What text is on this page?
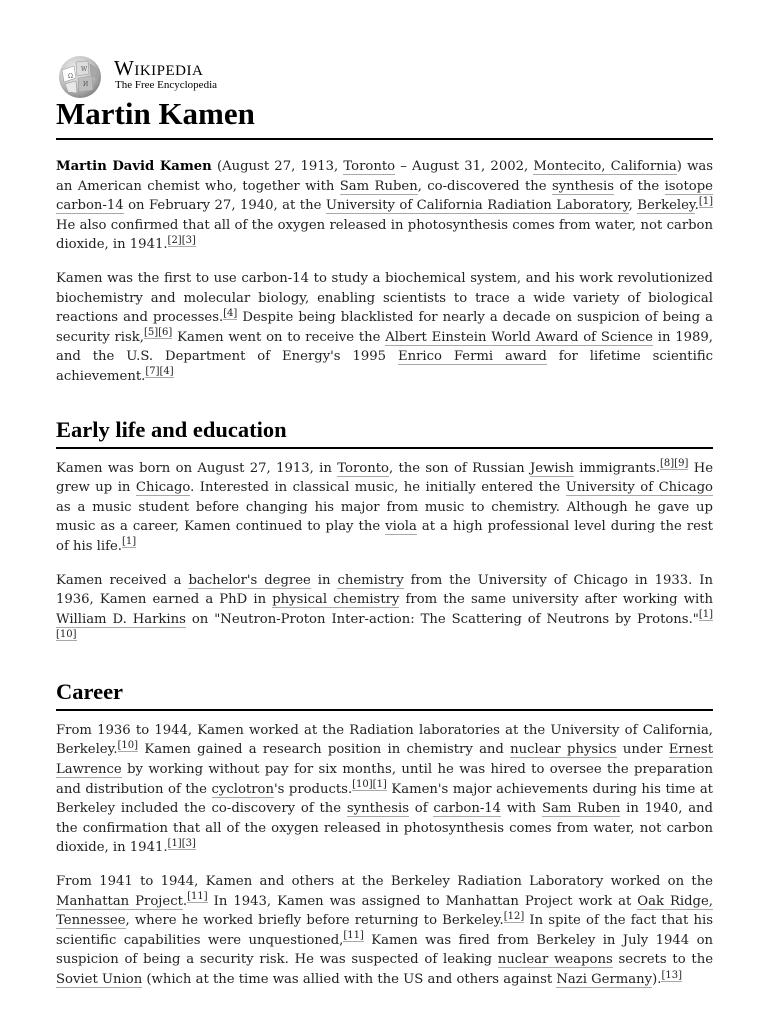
Ω
W
И
Wikipedia
The Free Encyclopedia
Martin Kamen

Martin David Kamen (August 27, 1913, Toronto – August 31, 2002, Montecito, California) was an American chemist who, together with Sam Ruben, co-discovered the synthesis of the isotope carbon-14 on February 27, 1940, at the University of California Radiation Laboratory, Berkeley.[1] He also confirmed that all of the oxygen released in photosynthesis comes from water, not carbon dioxide, in 1941.[2][3]

Kamen was the first to use carbon-14 to study a biochemical system, and his work revolutionized biochemistry and molecular biology, enabling scientists to trace a wide variety of biological reactions and processes.[4] Despite being blacklisted for nearly a decade on suspicion of being a security risk,[5][6] Kamen went on to receive the Albert Einstein World Award of Science in 1989, and the U.S. Department of Energy's 1995 Enrico Fermi award for lifetime scientific achievement.[7][4]

Early life and education

Kamen was born on August 27, 1913, in Toronto, the son of Russian Jewish immigrants.[8][9] He grew up in Chicago. Interested in classical music, he initially entered the University of Chicago as a music student before changing his major from music to chemistry. Although he gave up music as a career, Kamen continued to play the viola at a high professional level during the rest of his life.[1]

Kamen received a bachelor's degree in chemistry from the University of Chicago in 1933. In 1936, Kamen earned a PhD in physical chemistry from the same university after working with William D. Harkins on "Neutron-Proton Inter-action: The Scattering of Neutrons by Protons."[1][10]

Career

From 1936 to 1944, Kamen worked at the Radiation laboratories at the University of California, Berkeley.[10] Kamen gained a research position in chemistry and nuclear physics under Ernest Lawrence by working without pay for six months, until he was hired to oversee the preparation and distribution of the cyclotron's products.[10][1] Kamen's major achievements during his time at Berkeley included the co-discovery of the synthesis of carbon-14 with Sam Ruben in 1940, and the confirmation that all of the oxygen released in photosynthesis comes from water, not carbon dioxide, in 1941.[1][3]

From 1941 to 1944, Kamen and others at the Berkeley Radiation Laboratory worked on the Manhattan Project.[11] In 1943, Kamen was assigned to Manhattan Project work at Oak Ridge, Tennessee, where he worked briefly before returning to Berkeley.[12] In spite of the fact that his scientific capabilities were unquestioned,[11] Kamen was fired from Berkeley in July 1944 on suspicion of being a security risk. He was suspected of leaking nuclear weapons secrets to the Soviet Union (which at the time was allied with the US and others against Nazi Germany).[13]
